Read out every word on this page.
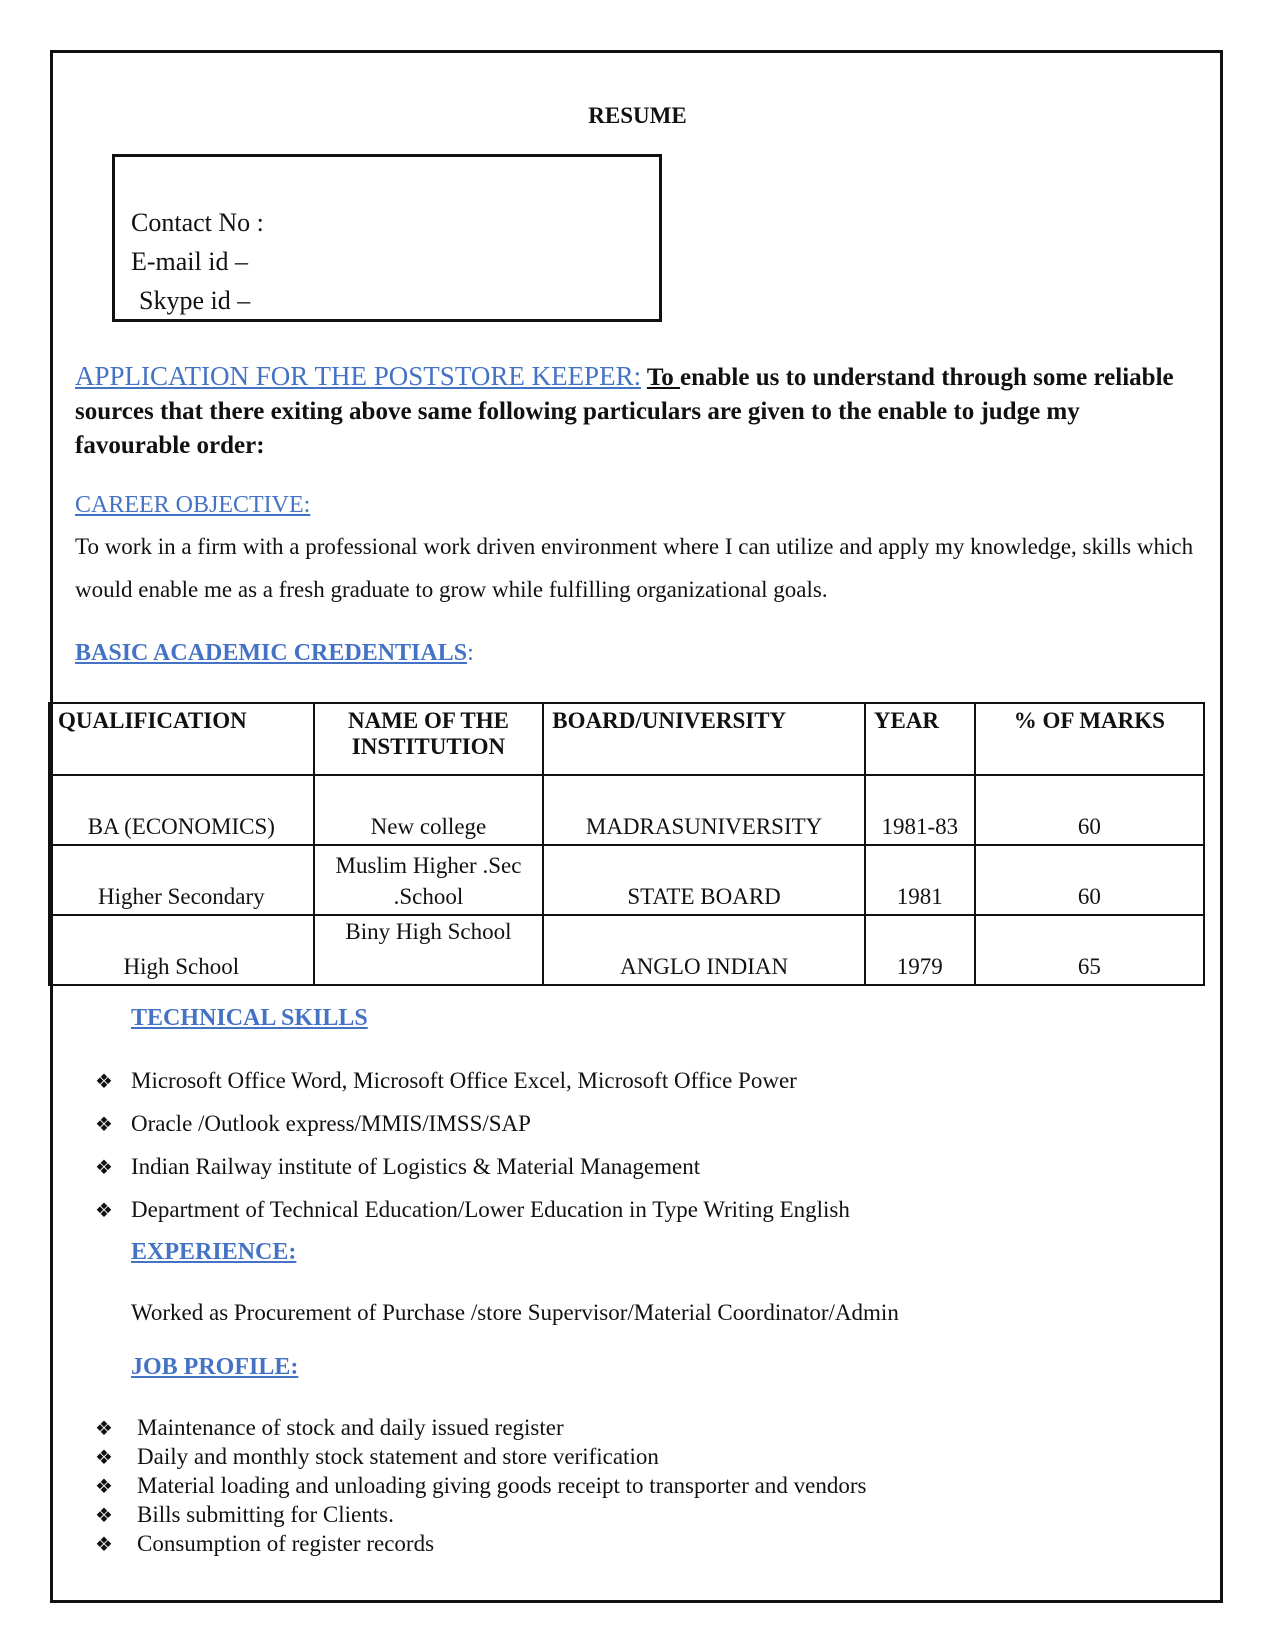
RESUME
Contact No :
E-mail id –
Skype id –
APPLICATION FOR THE POSTSTORE KEEPER: To enable us to understand through some reliable
sources that there exiting above same following particulars are given to the enable to judge my favourable order:
CAREER OBJECTIVE:
To work in a firm with a professional work driven environment where I can utilize and apply my knowledge, skills which would enable me as a fresh graduate to grow while fulfilling organizational goals.
BASIC ACADEMIC CREDENTIALS:
QUALIFICATION	NAME OF THE INSTITUTION	BOARD/UNIVERSITY	YEAR	% OF MARKS
BA (ECONOMICS)	New college	MADRASUNIVERSITY	1981-83	60
Higher Secondary	Muslim Higher .Sec .School	STATE BOARD	1981	60
High School	Biny High School	ANGLO INDIAN	1979	65
TECHNICAL SKILLS
❖ Microsoft Office Word, Microsoft Office Excel, Microsoft Office Power
❖ Oracle /Outlook express/MMIS/IMSS/SAP
❖ Indian Railway institute of Logistics & Material Management
❖ Department of Technical Education/Lower Education in Type Writing English
EXPERIENCE:
Worked as Procurement of Purchase /store Supervisor/Material Coordinator/Admin
JOB PROFILE:
❖ Maintenance of stock and daily issued register
❖ Daily and monthly stock statement and store verification
❖ Material loading and unloading giving goods receipt to transporter and vendors
❖ Bills submitting for Clients.
❖ Consumption of register records
